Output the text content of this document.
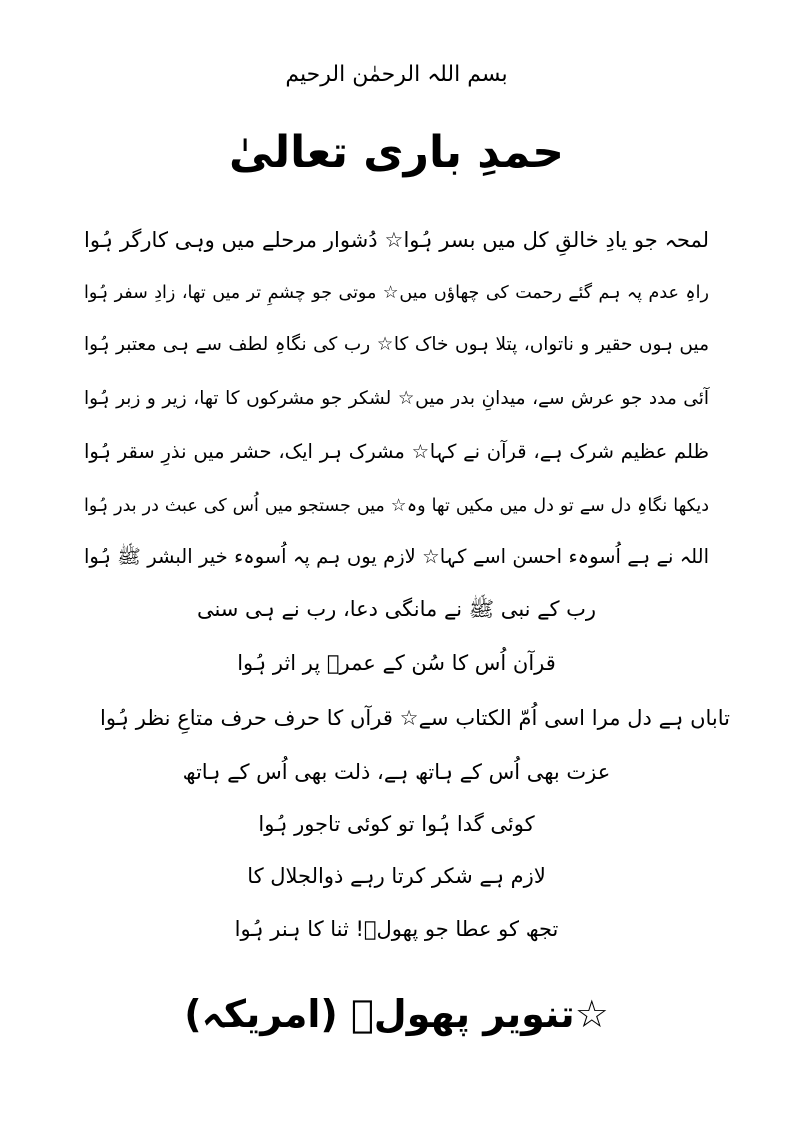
بسم اللہ الرحمٰن الرحیم
حمدِ باری تعالیٰ
لمحہ جو یادِ خالقِ کل میں بسر ہُوا☆ دُشوار مرحلے میں وہی کارگر ہُوا
راہِ عدم پہ ہم گئے رحمت کی چھاؤں میں☆ موتی جو چشمِ تر میں تھا، زادِ سفر ہُوا
میں ہوں حقیر و ناتواں، پتلا ہوں خاک کا☆ رب کی نگاہِ لطف سے ہی معتبر ہُوا
آئی مدد جو عرش سے، میدانِ بدر میں☆ لشکر جو مشرکوں کا تھا، زیر و زبر ہُوا
ظلم عظیم شرک ہے، قرآن نے کہا☆ مشرک ہر ایک، حشر میں نذرِ سقر ہُوا
دیکھا نگاہِ دل سے تو دل میں مکیں تھا وہ☆ میں جستجو میں اُس کی عبث در بدر ہُوا
اللہ نے ہے اُسوہء احسن اسے کہا☆ لازم یوں ہم پہ اُسوہء خیر البشر ﷺ ہُوا
رب کے نبی ﷺ نے مانگی دعا، رب نے ہی سنی
قرآن اُس کا سُن کے عمرؓ پر اثر ہُوا
تاباں ہے دل مرا اسی اُمّ الکتاب سے☆ قرآں کا حرف حرف متاعِ نظر ہُوا
عزت بھی اُس کے ہاتھ ہے، ذلت بھی اُس کے ہاتھ
کوئی گدا ہُوا تو کوئی تاجور ہُوا
لازم ہے شکر کرتا رہے ذوالجلال کا
تجھ کو عطا جو پھولؔ! ثنا کا ہنر ہُوا
☆تنویر پھولؔ (امریکہ)
